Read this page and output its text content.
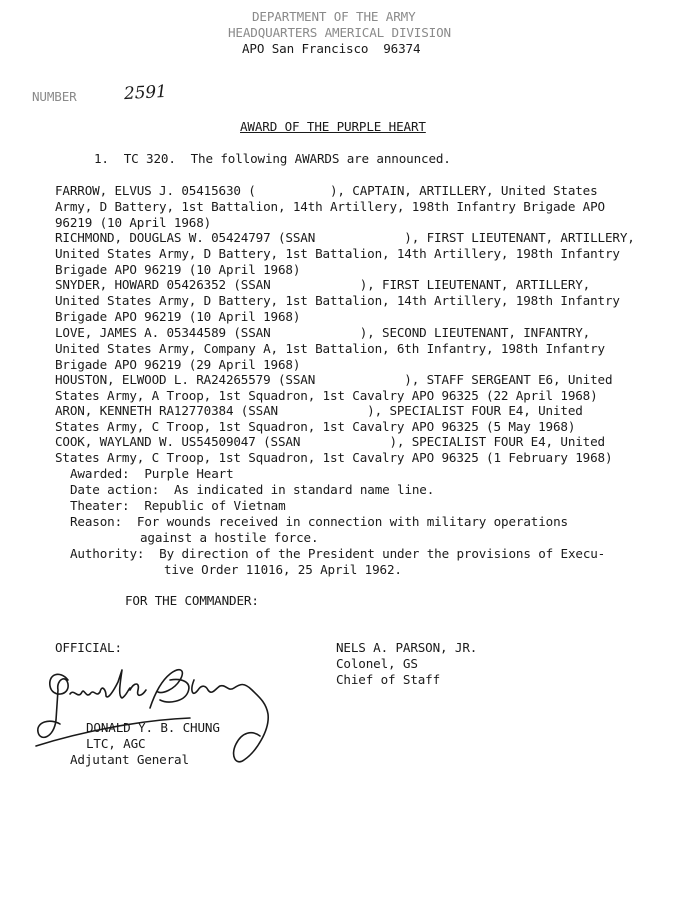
DEPARTMENT OF THE ARMY
HEADQUARTERS AMERICAL DIVISION
APO San Francisco  96374
NUMBER	2591
AWARD OF THE PURPLE HEART
1.  TC 320.  The following AWARDS are announced.
FARROW, ELVUS J. 05415630 (          ), CAPTAIN, ARTILLERY, United States
Army, D Battery, 1st Battalion, 14th Artillery, 198th Infantry Brigade APO
96219 (10 April 1968)
RICHMOND, DOUGLAS W. 05424797 (SSAN            ), FIRST LIEUTENANT, ARTILLERY,
United States Army, D Battery, 1st Battalion, 14th Artillery, 198th Infantry
Brigade APO 96219 (10 April 1968)
SNYDER, HOWARD 05426352 (SSAN            ), FIRST LIEUTENANT, ARTILLERY,
United States Army, D Battery, 1st Battalion, 14th Artillery, 198th Infantry
Brigade APO 96219 (10 April 1968)
LOVE, JAMES A. 05344589 (SSAN            ), SECOND LIEUTENANT, INFANTRY,
United States Army, Company A, 1st Battalion, 6th Infantry, 198th Infantry
Brigade APO 96219 (29 April 1968)
HOUSTON, ELWOOD L. RA24265579 (SSAN            ), STAFF SERGEANT E6, United
States Army, A Troop, 1st Squadron, 1st Cavalry APO 96325 (22 April 1968)
ARON, KENNETH RA12770384 (SSAN            ), SPECIALIST FOUR E4, United
States Army, C Troop, 1st Squadron, 1st Cavalry APO 96325 (5 May 1968)
COOK, WAYLAND W. US54509047 (SSAN            ), SPECIALIST FOUR E4, United
States Army, C Troop, 1st Squadron, 1st Cavalry APO 96325 (1 February 1968)
Awarded:  Purple Heart
Date action:  As indicated in standard name line.
Theater:  Republic of Vietnam
Reason:  For wounds received in connection with military operations
against a hostile force.
Authority:  By direction of the President under the provisions of Execu-
tive Order 11016, 25 April 1962.
FOR THE COMMANDER:
OFFICIAL:	NELS A. PARSON, JR.
Colonel, GS
Chief of Staff
DONALD Y. B. CHUNG
LTC, AGC
Adjutant General
